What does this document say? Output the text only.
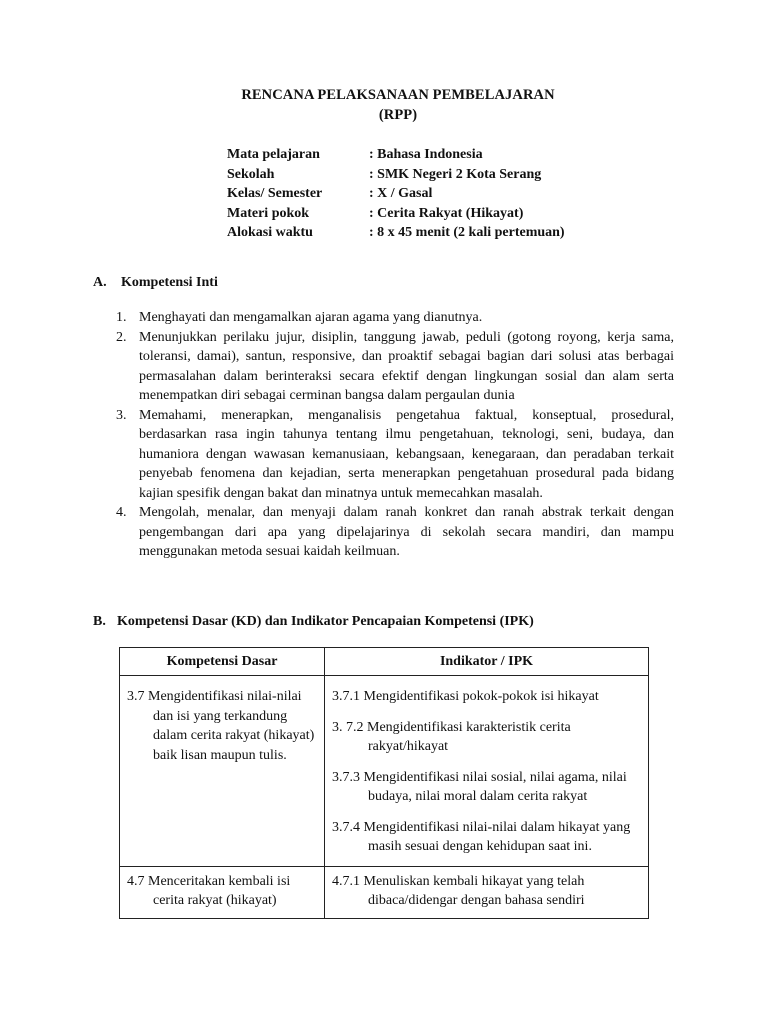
RENCANA PELAKSANAAN PEMBELAJARAN
(RPP)
Mata pelajaran	: Bahasa Indonesia
Sekolah	: SMK Negeri 2 Kota Serang
Kelas/ Semester	: X / Gasal
Materi pokok	: Cerita Rakyat (Hikayat)
Alokasi waktu	: 8 x 45 menit (2 kali pertemuan)
A. Kompetensi Inti
1. Menghayati dan mengamalkan ajaran agama yang dianutnya.
2. Menunjukkan perilaku jujur, disiplin, tanggung jawab, peduli (gotong royong, kerja sama, toleransi, damai), santun, responsive, dan proaktif sebagai bagian dari solusi atas berbagai permasalahan dalam berinteraksi secara efektif dengan lingkungan sosial dan alam serta menempatkan diri sebagai cerminan bangsa dalam pergaulan dunia
3. Memahami, menerapkan, menganalisis pengetahua faktual, konseptual, prosedural, berdasarkan rasa ingin tahunya tentang ilmu pengetahuan, teknologi, seni, budaya, dan humaniora dengan wawasan kemanusiaan, kebangsaan, kenegaraan, dan peradaban terkait penyebab fenomena dan kejadian, serta menerapkan pengetahuan prosedural pada bidang kajian spesifik dengan bakat dan minatnya untuk memecahkan masalah.
4. Mengolah, menalar, dan menyaji dalam ranah konkret dan ranah abstrak terkait dengan pengembangan dari apa yang dipelajarinya di sekolah secara mandiri, dan mampu menggunakan metoda sesuai kaidah keilmuan.
B. Kompetensi Dasar (KD) dan Indikator Pencapaian Kompetensi (IPK)
Kompetensi Dasar	Indikator / IPK

3.7 Mengidentifikasi nilai-nilai dan isi yang terkandung dalam cerita rakyat (hikayat) baik lisan maupun tulis.	3.7.1 Mengidentifikasi pokok-pokok isi hikayat
3. 7.2 Mengidentifikasi karakteristik cerita rakyat/hikayat
3.7.3 Mengidentifikasi nilai sosial, nilai agama, nilai budaya, nilai moral dalam cerita rakyat
3.7.4 Mengidentifikasi nilai-nilai dalam hikayat yang masih sesuai dengan kehidupan saat ini.

4.7 Menceritakan kembali isi cerita rakyat (hikayat)	4.7.1 Menuliskan kembali hikayat yang telah dibaca/didengar dengan bahasa sendiri
